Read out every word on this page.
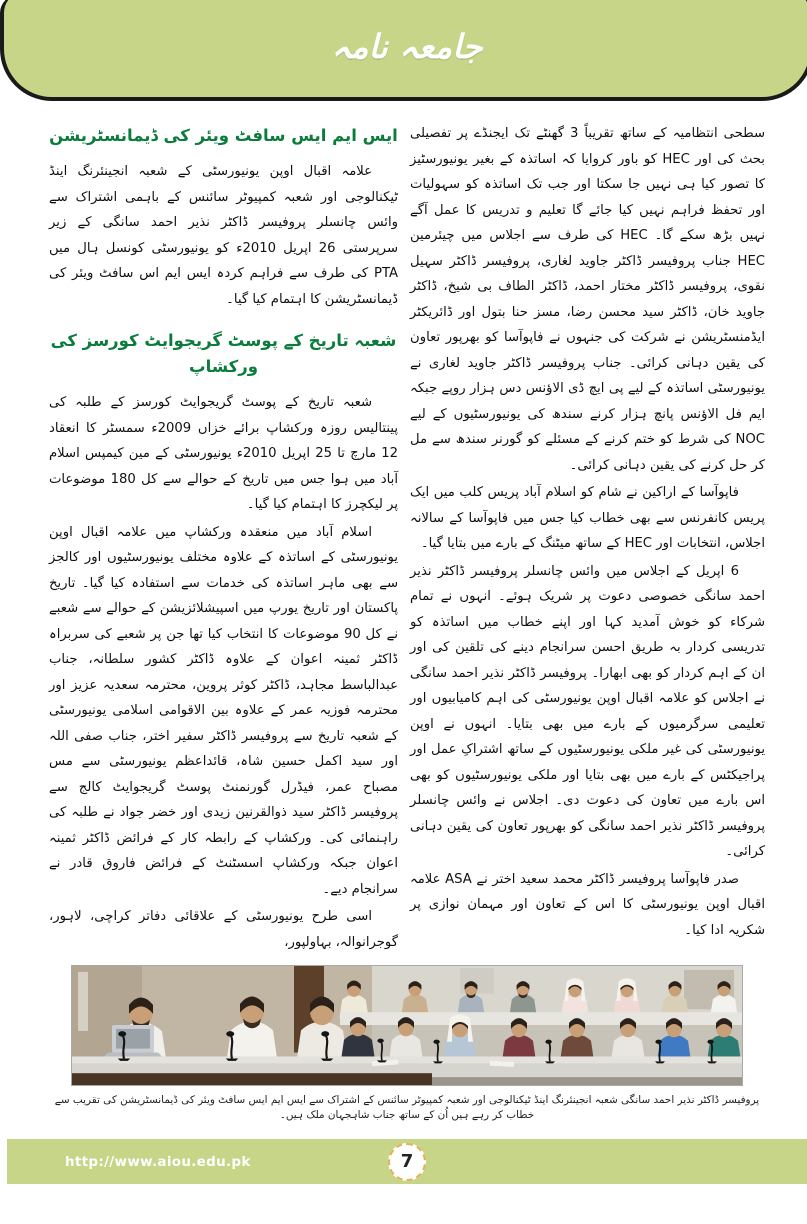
جامعہ نامہ

سطحی انتظامیہ کے ساتھ تقریباً 3 گھنٹے تک ایجنڈے پر تفصیلی بحث کی اور HEC کو باور کروایا کہ اساتذہ کے بغیر یونیورسٹیز کا تصور کیا ہی نہیں جا سکتا اور جب تک اساتذہ کو سہولیات اور تحفظ فراہم نہیں کیا جائے گا تعلیم و تدریس کا عمل آگے نہیں بڑھ سکے گا۔ HEC کی طرف سے اجلاس میں چیئرمین HEC جناب پروفیسر ڈاکٹر جاوید لغاری، پروفیسر ڈاکٹر سہیل نقوی، پروفیسر ڈاکٹر مختار احمد، ڈاکٹر الطاف بی شیخ، ڈاکٹر جاوید خان، ڈاکٹر سید محسن رضا، مسز حنا بتول اور ڈائریکٹر ایڈمنسٹریشن نے شرکت کی جنہوں نے فاپوآسا کو بھرپور تعاون کی یقین دہانی کرائی۔ جناب پروفیسر ڈاکٹر جاوید لغاری نے یونیورسٹی اساتذہ کے لیے پی ایچ ڈی الاؤنس دس ہزار روپے جبکہ ایم فل الاؤنس پانچ ہزار کرنے سندھ کی یونیورسٹیوں کے لیے NOC کی شرط کو ختم کرنے کے مسئلے کو گورنر سندھ سے مل کر حل کرنے کی یقین دہانی کرائی۔

فاپوآسا کے اراکین نے شام کو اسلام آباد پریس کلب میں ایک پریس کانفرنس سے بھی خطاب کیا جس میں فاپوآسا کے سالانہ اجلاس، انتخابات اور HEC کے ساتھ میٹنگ کے بارے میں بتایا گیا۔

6 اپریل کے اجلاس میں وائس چانسلر پروفیسر ڈاکٹر نذیر احمد سانگی خصوصی دعوت پر شریک ہوئے۔ انہوں نے تمام شرکاء کو خوش آمدید کہا اور اپنے خطاب میں اساتذہ کو تدریسی کردار بہ طریق احسن سرانجام دینے کی تلقین کی اور ان کے اہم کردار کو بھی ابھارا۔ پروفیسر ڈاکٹر نذیر احمد سانگی نے اجلاس کو علامہ اقبال اوپن یونیورسٹی کی اہم کامیابیوں اور تعلیمی سرگرمیوں کے بارے میں بھی بتایا۔ انہوں نے اوپن یونیورسٹی کی غیر ملکی یونیورسٹیوں کے ساتھ اشتراکِ عمل اور پراجیکٹس کے بارے میں بھی بتایا اور ملکی یونیورسٹیوں کو بھی اس بارے میں تعاون کی دعوت دی۔ اجلاس نے وائس چانسلر پروفیسر ڈاکٹر نذیر احمد سانگی کو بھرپور تعاون کی یقین دہانی کرائی۔

صدر فاپوآسا پروفیسر ڈاکٹر محمد سعید اختر نے ASA علامہ اقبال اوپن یونیورسٹی کا اس کے تعاون اور مہمان نوازی پر شکریہ ادا کیا۔

ایس ایم ایس سافٹ ویئر کی ڈیمانسٹریشن

علامہ اقبال اوپن یونیورسٹی کے شعبہ انجینئرنگ اینڈ ٹیکنالوجی اور شعبہ کمپیوٹر سائنس کے باہمی اشتراک سے وائس چانسلر پروفیسر ڈاکٹر نذیر احمد سانگی کے زیر سرپرستی 26 اپریل 2010ء کو یونیورسٹی کونسل ہال میں PTA کی طرف سے فراہم کردہ ایس ایم اس سافٹ ویئر کی ڈیمانسٹریشن کا اہتمام کیا گیا۔

شعبہ تاریخ کے پوسٹ گریجوایٹ کورسز کی ورکشاپ

شعبہ تاریخ کے پوسٹ گریجوایٹ کورسز کے طلبہ کی پینتالیس روزہ ورکشاپ برائے خزاں 2009ء سمسٹر کا انعقاد 12 مارچ تا 25 اپریل 2010ء یونیورسٹی کے مین کیمپس اسلام آباد میں ہوا جس میں تاریخ کے حوالے سے کل 180 موضوعات پر لیکچرز کا اہتمام کیا گیا۔

اسلام آباد میں منعقدہ ورکشاپ میں علامہ اقبال اوپن یونیورسٹی کے اساتذہ کے علاوہ مختلف یونیورسٹیوں اور کالجز سے بھی ماہر اساتذہ کی خدمات سے استفادہ کیا گیا۔ تاریخ پاکستان اور تاریخ یورپ میں اسپیشلائزیشن کے حوالے سے شعبے نے کل 90 موضوعات کا انتخاب کیا تھا جن پر شعبے کی سربراہ ڈاکٹر ثمینہ اعوان کے علاوہ ڈاکٹر کشور سلطانہ، جناب عبدالباسط مجاہد، ڈاکٹر کوثر پروین، محترمہ سعدیہ عزیز اور محترمہ فوزیہ عمر کے علاوہ بین الاقوامی اسلامی یونیورسٹی کے شعبہ تاریخ سے پروفیسر ڈاکٹر سفیر اختر، جناب صفی اللہ اور سید اکمل حسین شاہ، قائداعظم یونیورسٹی سے مس مصباح عمر، فیڈرل گورنمنٹ پوسٹ گریجوایٹ کالج سے پروفیسر ڈاکٹر سید ذوالقرنین زیدی اور خضر جواد نے طلبہ کی راہنمائی کی۔ ورکشاپ کے رابطہ کار کے فرائض ڈاکٹر ثمینہ اعوان جبکہ ورکشاپ اسسٹنٹ کے فرائض فاروق قادر نے سرانجام دیے۔

اسی طرح یونیورسٹی کے علاقائی دفاتر کراچی، لاہور، گوجرانوالہ، بہاولپور،

پروفیسر ڈاکٹر نذیر احمد سانگی شعبہ انجینئرنگ اینڈ ٹیکنالوجی اور شعبہ کمپیوٹر سائنس کے اشتراک سے ایس ایم ایس سافٹ ویئر کی ڈیمانسٹریشن کی تقریب سے خطاب کر رہے ہیں اُن کے ساتھ جناب شاہجہان ملک ہیں۔

7
http://www.aiou.edu.pk
